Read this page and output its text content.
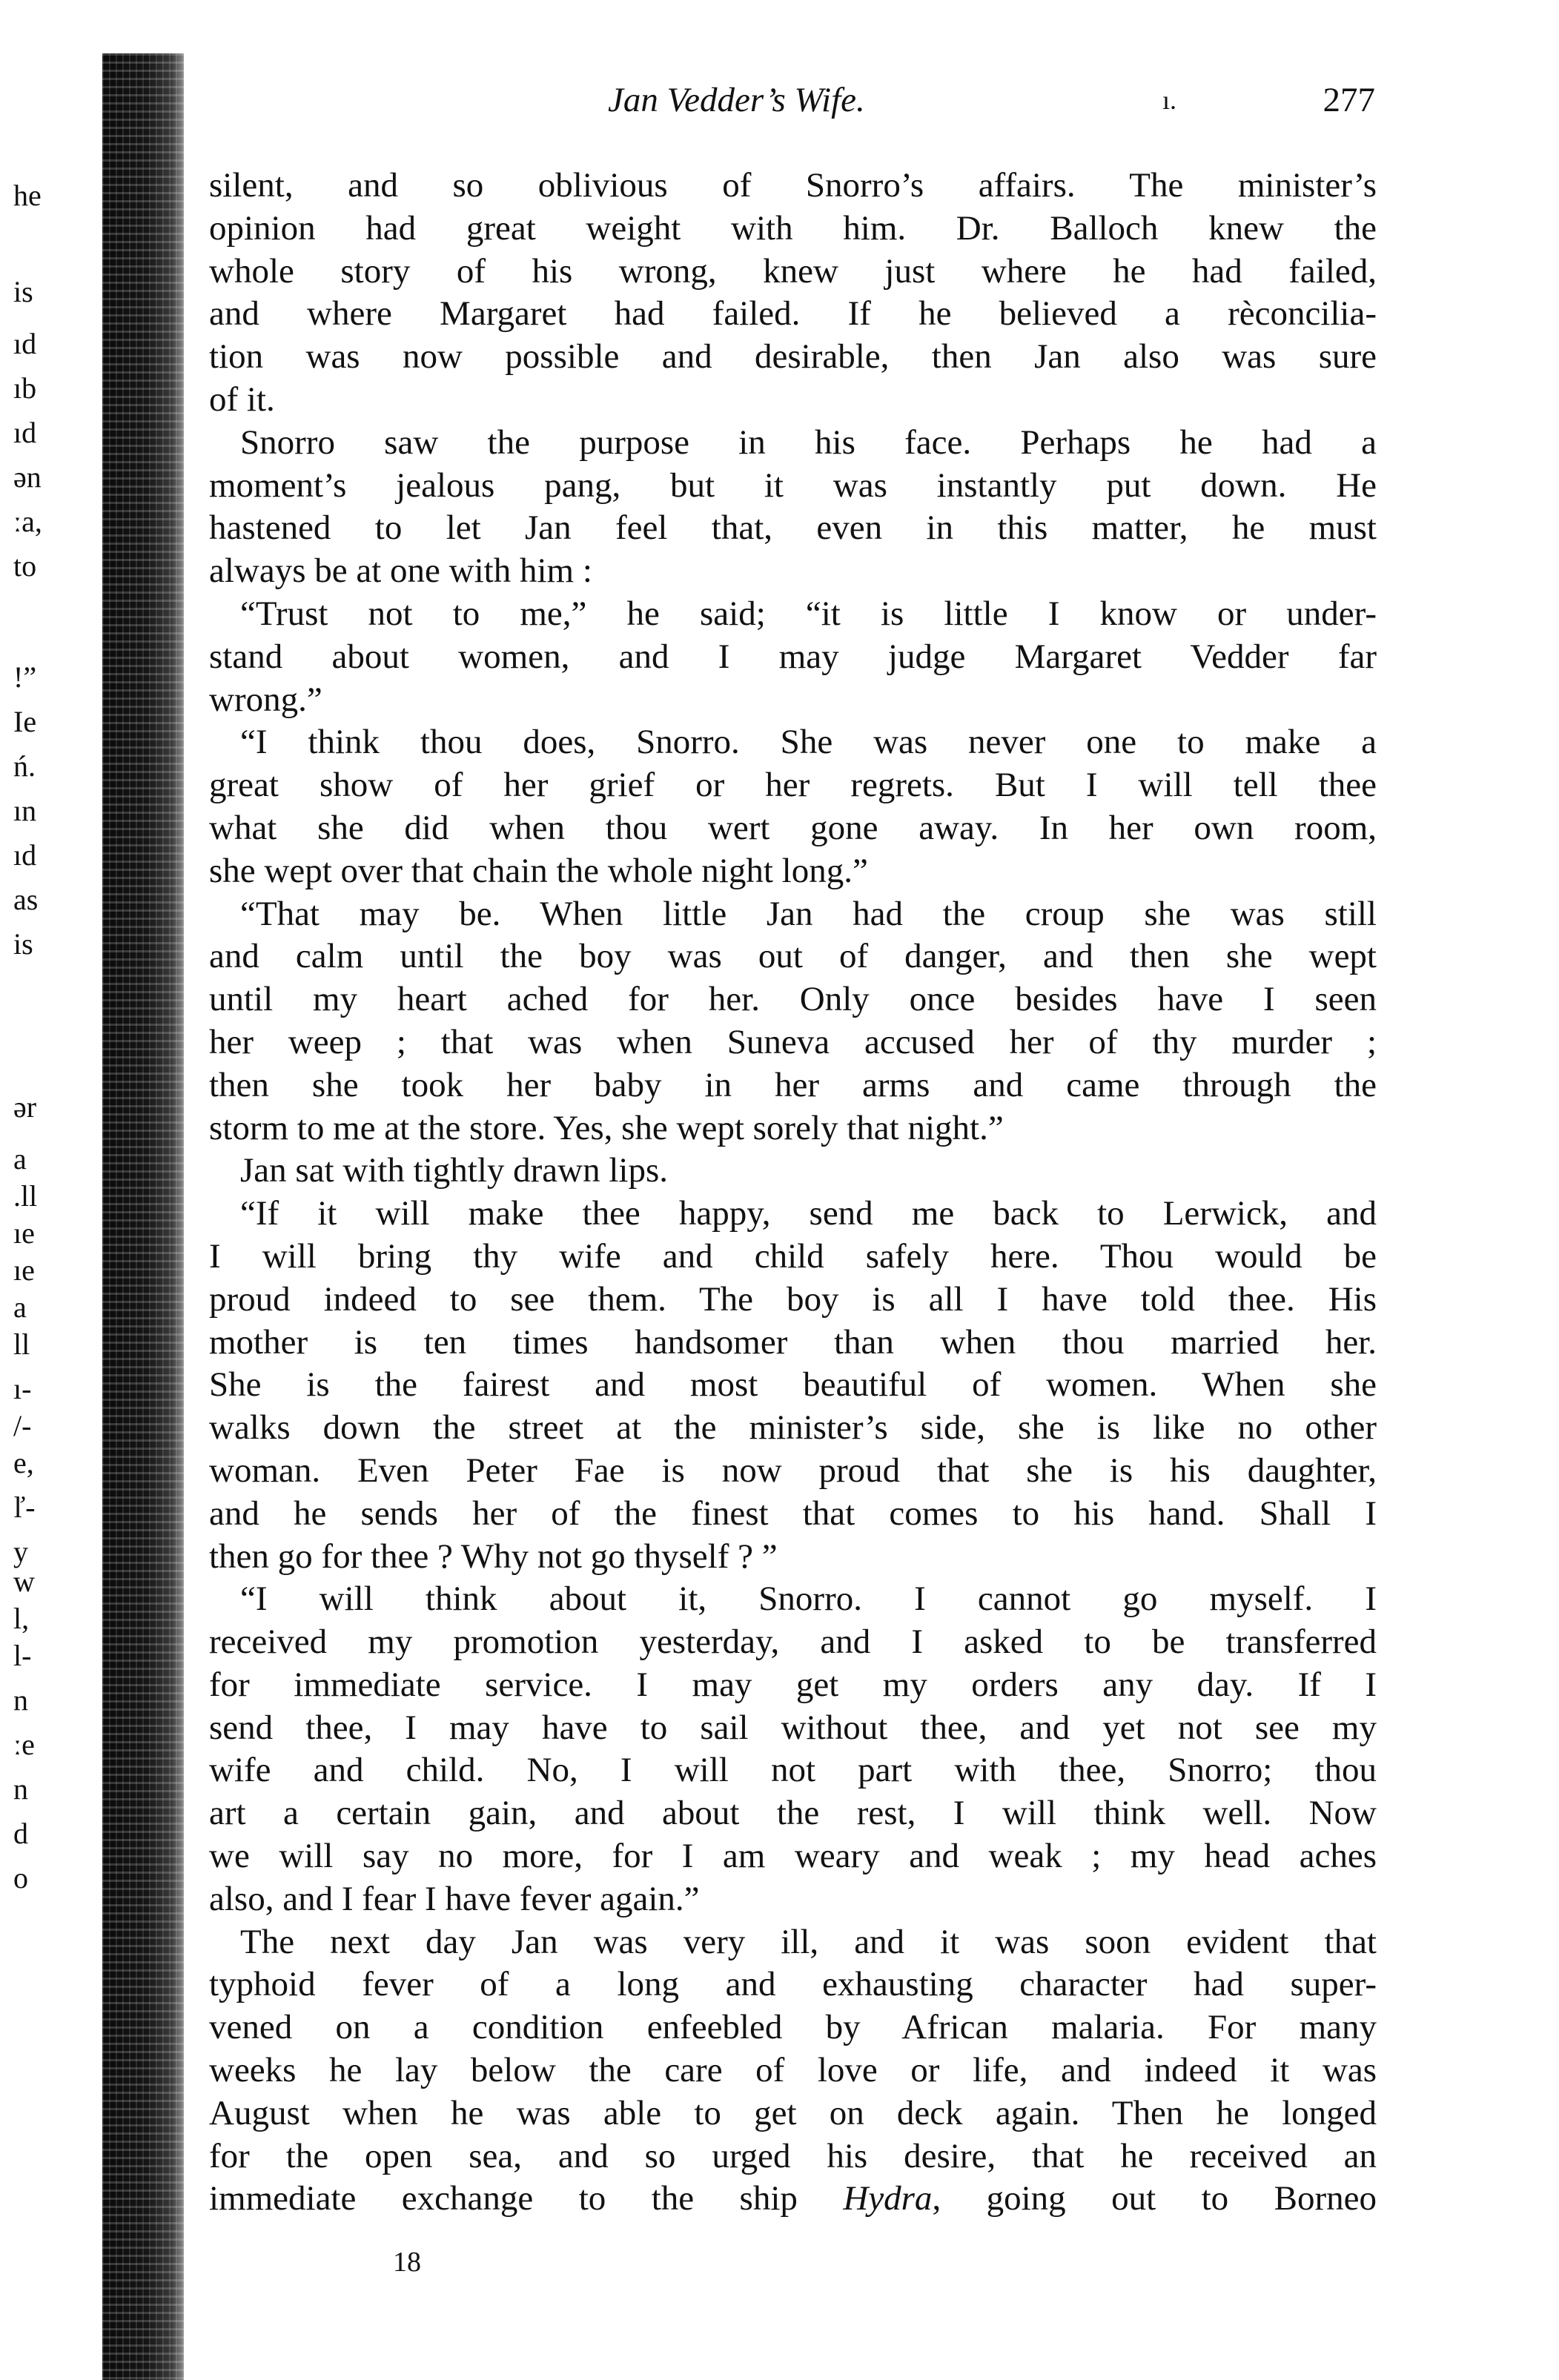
he
is
ıd
ıb
ıd
ən
ːa,
to
!”
Ie
ń.
ın
ıd
as
is
ər
a
.ll
ıe
ıe
a
ll
ı-
/-
e,
ľ-
y
w
l,
l-
n
ːe
n
d
o
Jan Vedder’s Wife.	ı.	277
silent, and so oblivious of Snorro’s affairs. The minister’s
opinion had great weight with him. Dr. Balloch knew the
whole story of his wrong, knew just where he had failed,
and where Margaret had failed. If he believed a rèconcilia-
tion was now possible and desirable, then Jan also was sure
of it.
Snorro saw the purpose in his face. Perhaps he had a
moment’s jealous pang, but it was instantly put down. He
hastened to let Jan feel that, even in this matter, he must
always be at one with him :
“Trust not to me,” he said; “it is little I know or under-
stand about women, and I may judge Margaret Vedder far
wrong.”
“I think thou does, Snorro. She was never one to make a
great show of her grief or her regrets. But I will tell thee
what she did when thou wert gone away. In her own room,
she wept over that chain the whole night long.”
“That may be. When little Jan had the croup she was still
and calm until the boy was out of danger, and then she wept
until my heart ached for her. Only once besides have I seen
her weep ; that was when Suneva accused her of thy murder ;
then she took her baby in her arms and came through the
storm to me at the store. Yes, she wept sorely that night.”
Jan sat with tightly drawn lips.
“If it will make thee happy, send me back to Lerwick, and
I will bring thy wife and child safely here. Thou would be
proud indeed to see them. The boy is all I have told thee. His
mother is ten times handsomer than when thou married her.
She is the fairest and most beautiful of women. When she
walks down the street at the minister’s side, she is like no other
woman. Even Peter Fae is now proud that she is his daughter,
and he sends her of the finest that comes to his hand. Shall I
then go for thee ? Why not go thyself ? ”
“I will think about it, Snorro. I cannot go myself. I
received my promotion yesterday, and I asked to be transferred
for immediate service. I may get my orders any day. If I
send thee, I may have to sail without thee, and yet not see my
wife and child. No, I will not part with thee, Snorro; thou
art a certain gain, and about the rest, I will think well. Now
we will say no more, for I am weary and weak ; my head aches
also, and I fear I have fever again.”
The next day Jan was very ill, and it was soon evident that
typhoid fever of a long and exhausting character had super-
vened on a condition enfeebled by African malaria. For many
weeks he lay below the care of love or life, and indeed it was
August when he was able to get on deck again. Then he longed
for the open sea, and so urged his desire, that he received an
immediate exchange to the ship Hydra, going out to Borneo
18
